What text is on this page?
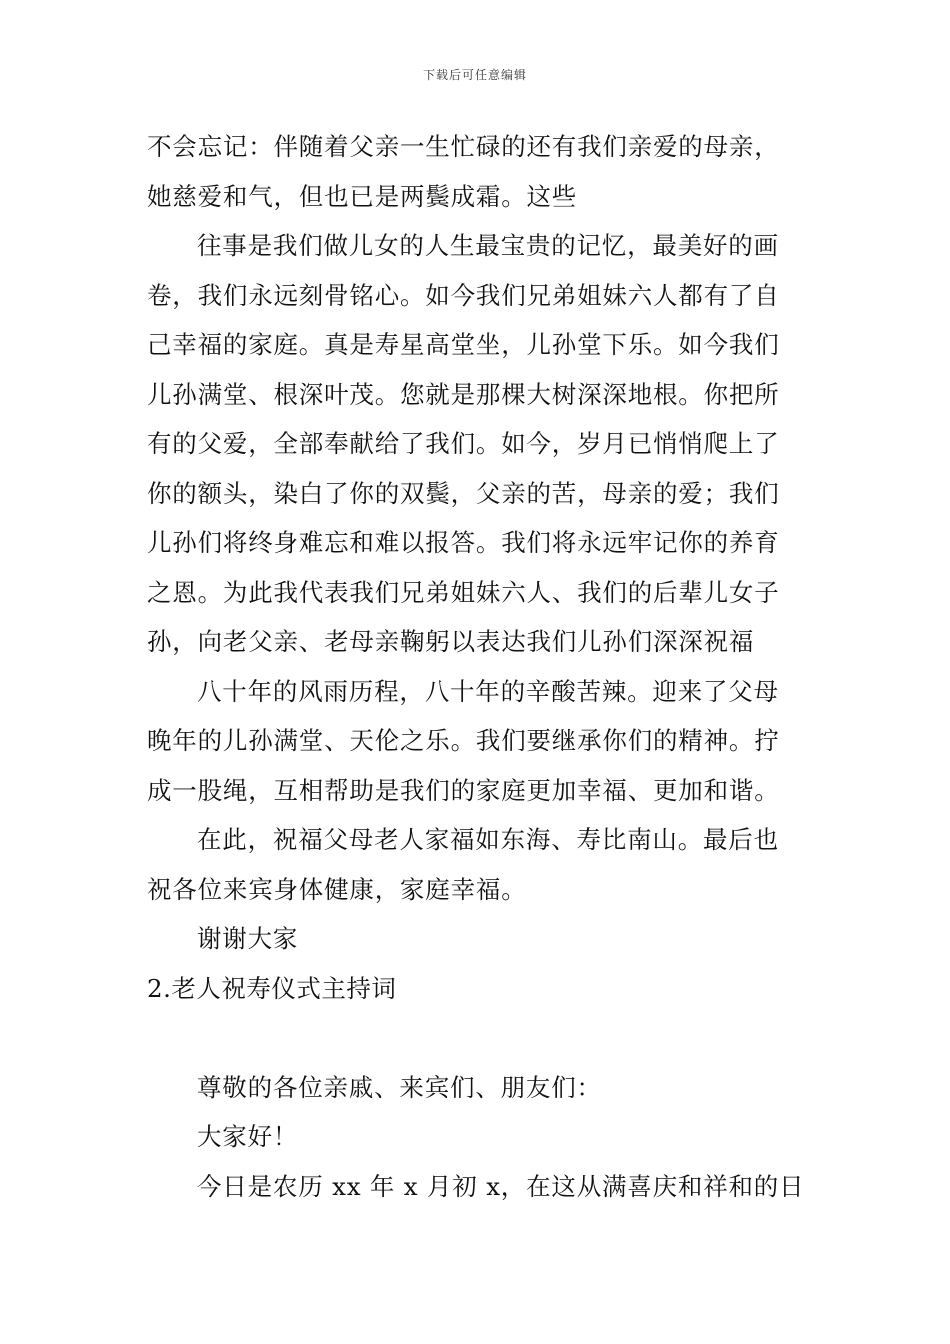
下载后可任意编辑
不会忘记：伴随着父亲一生忙碌的还有我们亲爱的母亲，
她慈爱和气，但也已是两鬓成霜。这些
往事是我们做儿女的人生最宝贵的记忆，最美好的画
卷，我们永远刻骨铭心。如今我们兄弟姐妹六人都有了自
己幸福的家庭。真是寿星高堂坐，儿孙堂下乐。如今我们
儿孙满堂、根深叶茂。您就是那棵大树深深地根。你把所
有的父爱，全部奉献给了我们。如今，岁月已悄悄爬上了
你的额头，染白了你的双鬓，父亲的苦，母亲的爱；我们
儿孙们将终身难忘和难以报答。我们将永远牢记你的养育
之恩。为此我代表我们兄弟姐妹六人、我们的后辈儿女子
孙，向老父亲、老母亲鞠躬以表达我们儿孙们深深祝福
八十年的风雨历程，八十年的辛酸苦辣。迎来了父母
晚年的儿孙满堂、天伦之乐。我们要继承你们的精神。拧
成一股绳，互相帮助是我们的家庭更加幸福、更加和谐。
在此，祝福父母老人家福如东海、寿比南山。最后也
祝各位来宾身体健康，家庭幸福。
谢谢大家
2.老人祝寿仪式主持词
尊敬的各位亲戚、来宾们、朋友们：
大家好！
今日是农历 xx 年 x 月初 x，在这从满喜庆和祥和的日
